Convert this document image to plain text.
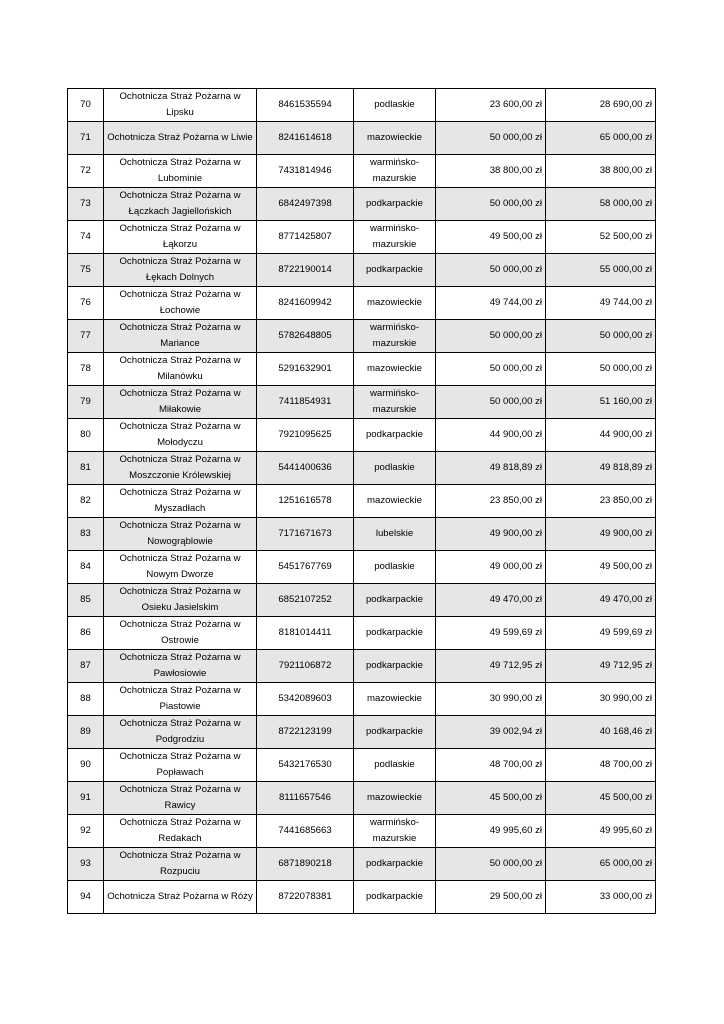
70	Ochotnicza Straż Pożarna w Lipsku	8461535594	podlaskie	23 600,00 zł	28 690,00 zł
71	Ochotnicza Straż Pożarna w Liwie	8241614618	mazowieckie	50 000,00 zł	65 000,00 zł
72	Ochotnicza Straż Pożarna w Lubominie	7431814946	warmińsko-mazurskie	38 800,00 zł	38 800,00 zł
73	Ochotnicza Straż Pożarna w Łączkach Jagiellońskich	6842497398	podkarpackie	50 000,00 zł	58 000,00 zł
74	Ochotnicza Straż Pożarna w Łąkorzu	8771425807	warmińsko-mazurskie	49 500,00 zł	52 500,00 zł
75	Ochotnicza Straż Pożarna w Łękach Dolnych	8722190014	podkarpackie	50 000,00 zł	55 000,00 zł
76	Ochotnicza Straż Pożarna w Łochowie	8241609942	mazowieckie	49 744,00 zł	49 744,00 zł
77	Ochotnicza Straż Pożarna w Mariance	5782648805	warmińsko-mazurskie	50 000,00 zł	50 000,00 zł
78	Ochotnicza Straż Pożarna w Milanówku	5291632901	mazowieckie	50 000,00 zł	50 000,00 zł
79	Ochotnicza Straż Pożarna w Miłakowie	7411854931	warmińsko-mazurskie	50 000,00 zł	51 160,00 zł
80	Ochotnicza Straż Pożarna w Mołodyczu	7921095625	podkarpackie	44 900,00 zł	44 900,00 zł
81	Ochotnicza Straż Pożarna w Moszczonie Królewskiej	5441400636	podlaskie	49 818,89 zł	49 818,89 zł
82	Ochotnicza Straż Pożarna w Myszadłach	1251616578	mazowieckie	23 850,00 zł	23 850,00 zł
83	Ochotnicza Straż Pożarna w Nowogrąblowie	7171671673	lubelskie	49 900,00 zł	49 900,00 zł
84	Ochotnicza Straż Pożarna w Nowym Dworze	5451767769	podlaskie	49 000,00 zł	49 500,00 zł
85	Ochotnicza Straż Pożarna w Osieku Jasielskim	6852107252	podkarpackie	49 470,00 zł	49 470,00 zł
86	Ochotnicza Straż Pożarna w Ostrowie	8181014411	podkarpackie	49 599,69 zł	49 599,69 zł
87	Ochotnicza Straż Pożarna w Pawłosiowie	7921106872	podkarpackie	49 712,95 zł	49 712,95 zł
88	Ochotnicza Straż Pożarna w Piastowie	5342089603	mazowieckie	30 990,00 zł	30 990,00 zł
89	Ochotnicza Straż Pożarna w Podgrodziu	8722123199	podkarpackie	39 002,94 zł	40 168,46 zł
90	Ochotnicza Straż Pożarna w Popławach	5432176530	podlaskie	48 700,00 zł	48 700,00 zł
91	Ochotnicza Straż Pożarna w Rawicy	8111657546	mazowieckie	45 500,00 zł	45 500,00 zł
92	Ochotnicza Straż Pożarna w Redakach	7441685663	warmińsko-mazurskie	49 995,60 zł	49 995,60 zł
93	Ochotnicza Straż Pożarna w Rozpuciu	6871890218	podkarpackie	50 000,00 zł	65 000,00 zł
94	Ochotnicza Straż Pożarna w Róży	8722078381	podkarpackie	29 500,00 zł	33 000,00 zł
